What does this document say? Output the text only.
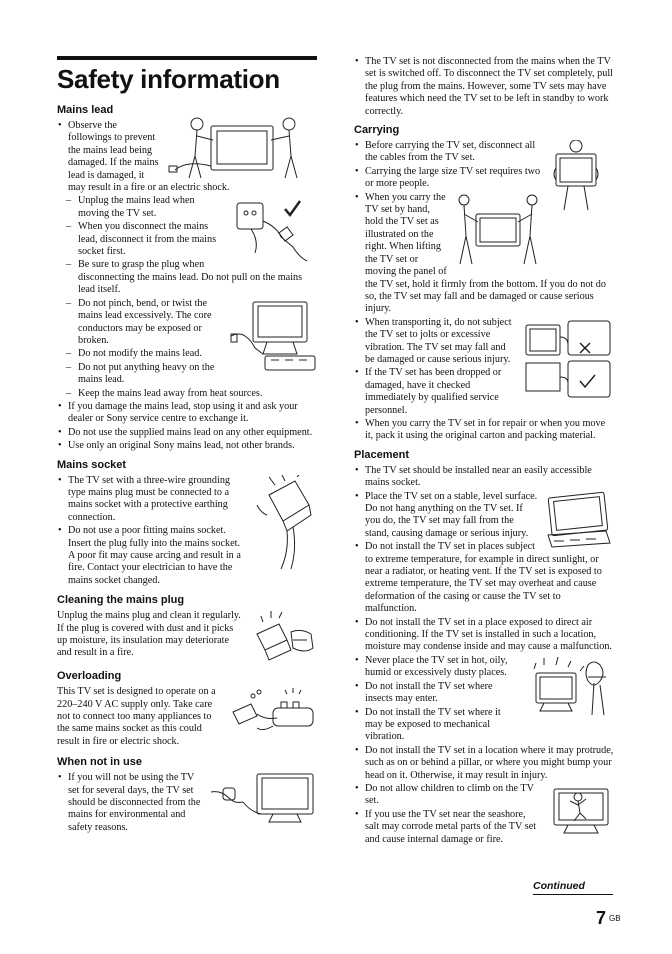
Safety information
Mains lead
• Observe the followings to prevent the mains lead being damaged. If the mains lead is damaged, it may result in a fire or an electric shock.
– Unplug the mains lead when moving the TV set.
– When you disconnect the mains lead, disconnect it from the mains socket first.
– Be sure to grasp the plug when disconnecting the mains lead. Do not pull on the mains lead itself.
– Do not pinch, bend, or twist the mains lead excessively. The core conductors may be exposed or broken.
– Do not modify the mains lead.
– Do not put anything heavy on the mains lead.
– Keep the mains lead away from heat sources.
• If you damage the mains lead, stop using it and ask your dealer or Sony service centre to exchange it.
• Do not use the supplied mains lead on any other equipment.
• Use only an original Sony mains lead, not other brands.
Mains socket
• The TV set with a three-wire grounding type mains plug must be connected to a mains socket with a protective earthing connection.
• Do not use a poor fitting mains socket. Insert the plug fully into the mains socket. A poor fit may cause arcing and result in a fire. Contact your electrician to have the mains socket changed.
Cleaning the mains plug

Unplug the mains plug and clean it regularly. If the plug is covered with dust and it picks up moisture, its insulation may deteriorate and result in a fire.

Overloading

This TV set is designed to operate on a 220–240 V AC supply only. Take care not to connect too many appliances to the same mains socket as this could result in fire or electric shock.

When not in use
• If you will not be using the TV set for several days, the TV set should be disconnected from the mains for environmental and safety reasons.
• The TV set is not disconnected from the mains when the TV set is switched off. To disconnect the TV set completely, pull the plug from the mains. However, some TV sets may have features which need the TV set to be left in standby to work correctly.
Carrying
• Before carrying the TV set, disconnect all the cables from the TV set.
• Carrying the large size TV set requires two or more people.
• When you carry the TV set by hand, hold the TV set as illustrated on the right. When lifting the TV set or moving the panel of the TV set, hold it firmly from the bottom. If you do not do so, the TV set may fall and be damaged or cause serious injury.
• When transporting it, do not subject the TV set to jolts or excessive vibration. The TV set may fall and be damaged or cause serious injury.
• If the TV set has been dropped or damaged, have it checked immediately by qualified service personnel.
• When you carry the TV set in for repair or when you move it, pack it using the original carton and packing material.
Placement
• The TV set should be installed near an easily accessible mains socket.
• Place the TV set on a stable, level surface. Do not hang anything on the TV set. If you do, the TV set may fall from the stand, causing damage or serious injury.
• Do not install the TV set in places subject to extreme temperature, for example in direct sunlight, or near a radiator, or heating vent. If the TV set is exposed to extreme temperature, the TV set may overheat and cause deformation of the casing or cause the TV set to malfunction.
• Do not install the TV set in a place exposed to direct air conditioning. If the TV set is installed in such a location, moisture may condense inside and may cause a malfunction.
• Never place the TV set in hot, oily, humid or excessively dusty places.
• Do not install the TV set where insects may enter.
• Do not install the TV set where it may be exposed to mechanical vibration.
• Do not install the TV set in a location where it may protrude, such as on or behind a pillar, or where you might bump your head on it. Otherwise, it may result in injury.
• Do not allow children to climb on the TV set.
• If you use the TV set near the seashore, salt may corrode metal parts of the TV set and cause internal damage or fire.
Continued
7 GB
